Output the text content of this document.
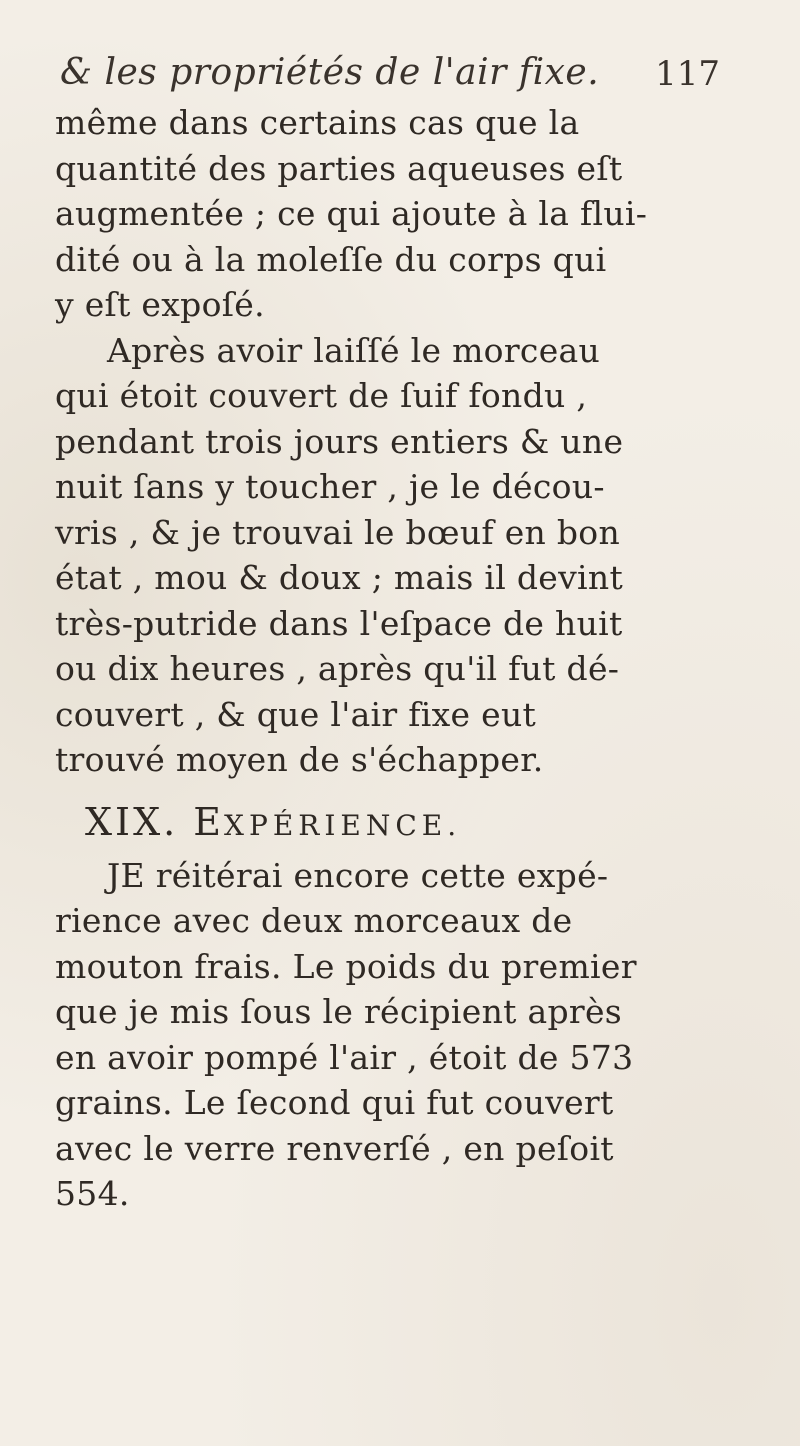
& les propriétés de l'air fixe. 117
même dans certains cas que la
quantité des parties aqueuses eſt
augmentée ; ce qui ajoute à la flui-
dité ou à la moleſſe du corps qui
y eſt expoſé.
Après avoir laiſſé le morceau
qui étoit couvert de ſuif fondu ,
pendant trois jours entiers & une
nuit ſans y toucher , je le décou-
vris , & je trouvai le bœuf en bon
état , mou & doux ; mais il devint
très-putride dans l'eſpace de huit
ou dix heures , après qu'il fut dé-
couvert , & que l'air fixe eut
trouvé moyen de s'échapper.
XIX. EXPÉRIENCE.
JE réitérai encore cette expé-
rience avec deux morceaux de
mouton frais. Le poids du premier
que je mis ſous le récipient après
en avoir pompé l'air , étoit de 573
grains. Le ſecond qui fut couvert
avec le verre renverſé , en peſoit
554.
